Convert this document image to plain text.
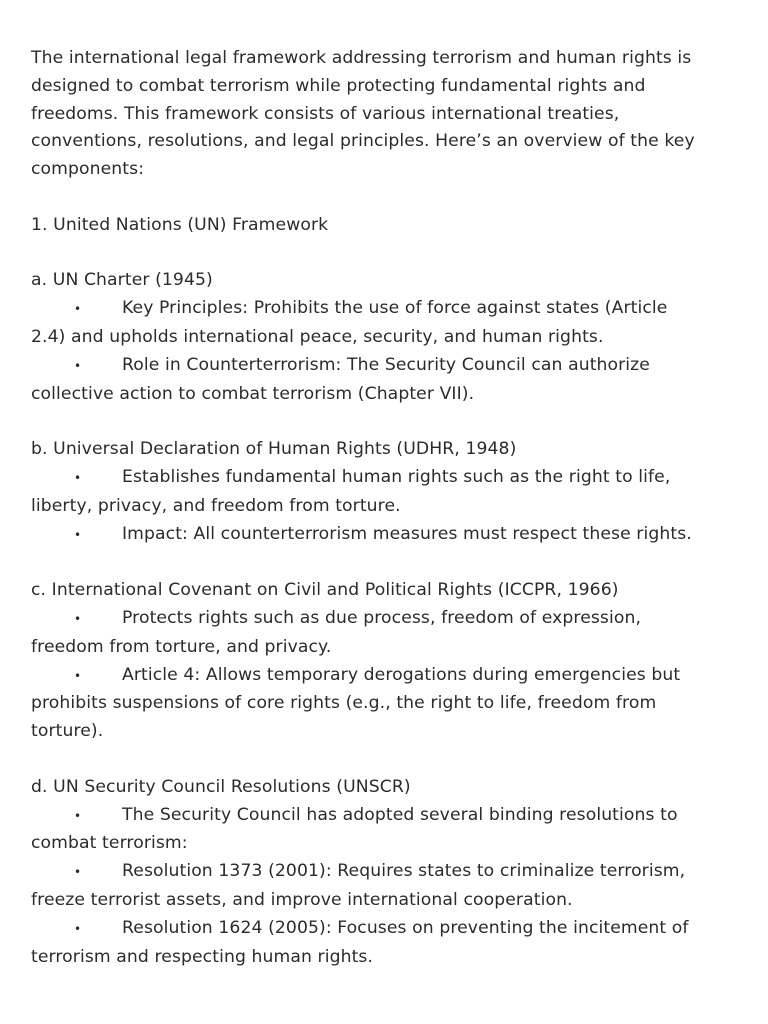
The international legal framework addressing terrorism and human rights is
designed to combat terrorism while protecting fundamental rights and
freedoms. This framework consists of various international treaties,
conventions, resolutions, and legal principles. Here’s an overview of the key
components:
1. United Nations (UN) Framework
a. UN Charter (1945)
• Key Principles: Prohibits the use of force against states (Article
2.4) and upholds international peace, security, and human rights.
• Role in Counterterrorism: The Security Council can authorize
collective action to combat terrorism (Chapter VII).
b. Universal Declaration of Human Rights (UDHR, 1948)
• Establishes fundamental human rights such as the right to life,
liberty, privacy, and freedom from torture.
• Impact: All counterterrorism measures must respect these rights.
c. International Covenant on Civil and Political Rights (ICCPR, 1966)
• Protects rights such as due process, freedom of expression,
freedom from torture, and privacy.
• Article 4: Allows temporary derogations during emergencies but
prohibits suspensions of core rights (e.g., the right to life, freedom from
torture).
d. UN Security Council Resolutions (UNSCR)
• The Security Council has adopted several binding resolutions to
combat terrorism:
• Resolution 1373 (2001): Requires states to criminalize terrorism,
freeze terrorist assets, and improve international cooperation.
• Resolution 1624 (2005): Focuses on preventing the incitement of
terrorism and respecting human rights.
